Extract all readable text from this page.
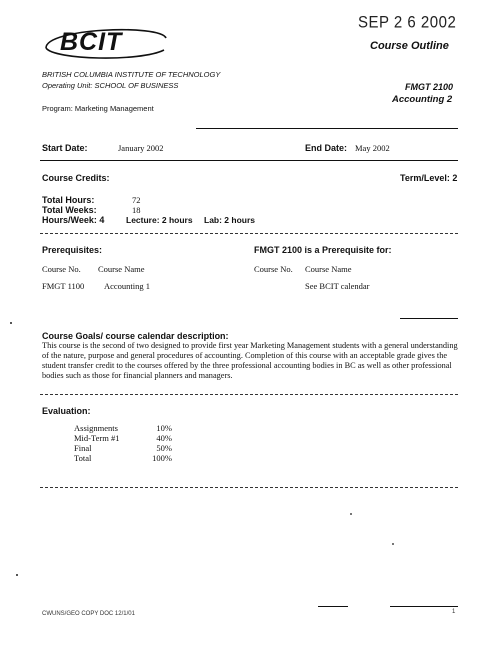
SEP 2 6 2002
Course Outline
BCIT
BRITISH COLUMBIA INSTITUTE OF TECHNOLOGY
Operating Unit: SCHOOL OF BUSINESS
Program: Marketing Management
FMGT 2100
Accounting 2
Start Date:	January 2002	End Date: May 2002
Course Credits:	Term/Level: 2
Total Hours:	72
Total Weeks:	18
Hours/Week: 4	Lecture: 2 hours Lab: 2 hours
Prerequisites:	FMGT 2100 is a Prerequisite for:
Course No. Course Name	Course No. Course Name
FMGT 1100 Accounting 1	See BCIT calendar
Course Goals/ course calendar description:
This course is the second of two designed to provide first year Marketing Management students with a general understanding of the nature, purpose and general procedures of accounting. Completion of this course with an acceptable grade gives the student transfer credit to the courses offered by the three professional accounting bodies in BC as well as other professional bodies such as those for financial planners and managers.
Evaluation:
Assignments	10%
Mid-Term #1	40%
Final	50%
Total	100%
CWUNS/GEO COPY DOC 12/1/01	1
